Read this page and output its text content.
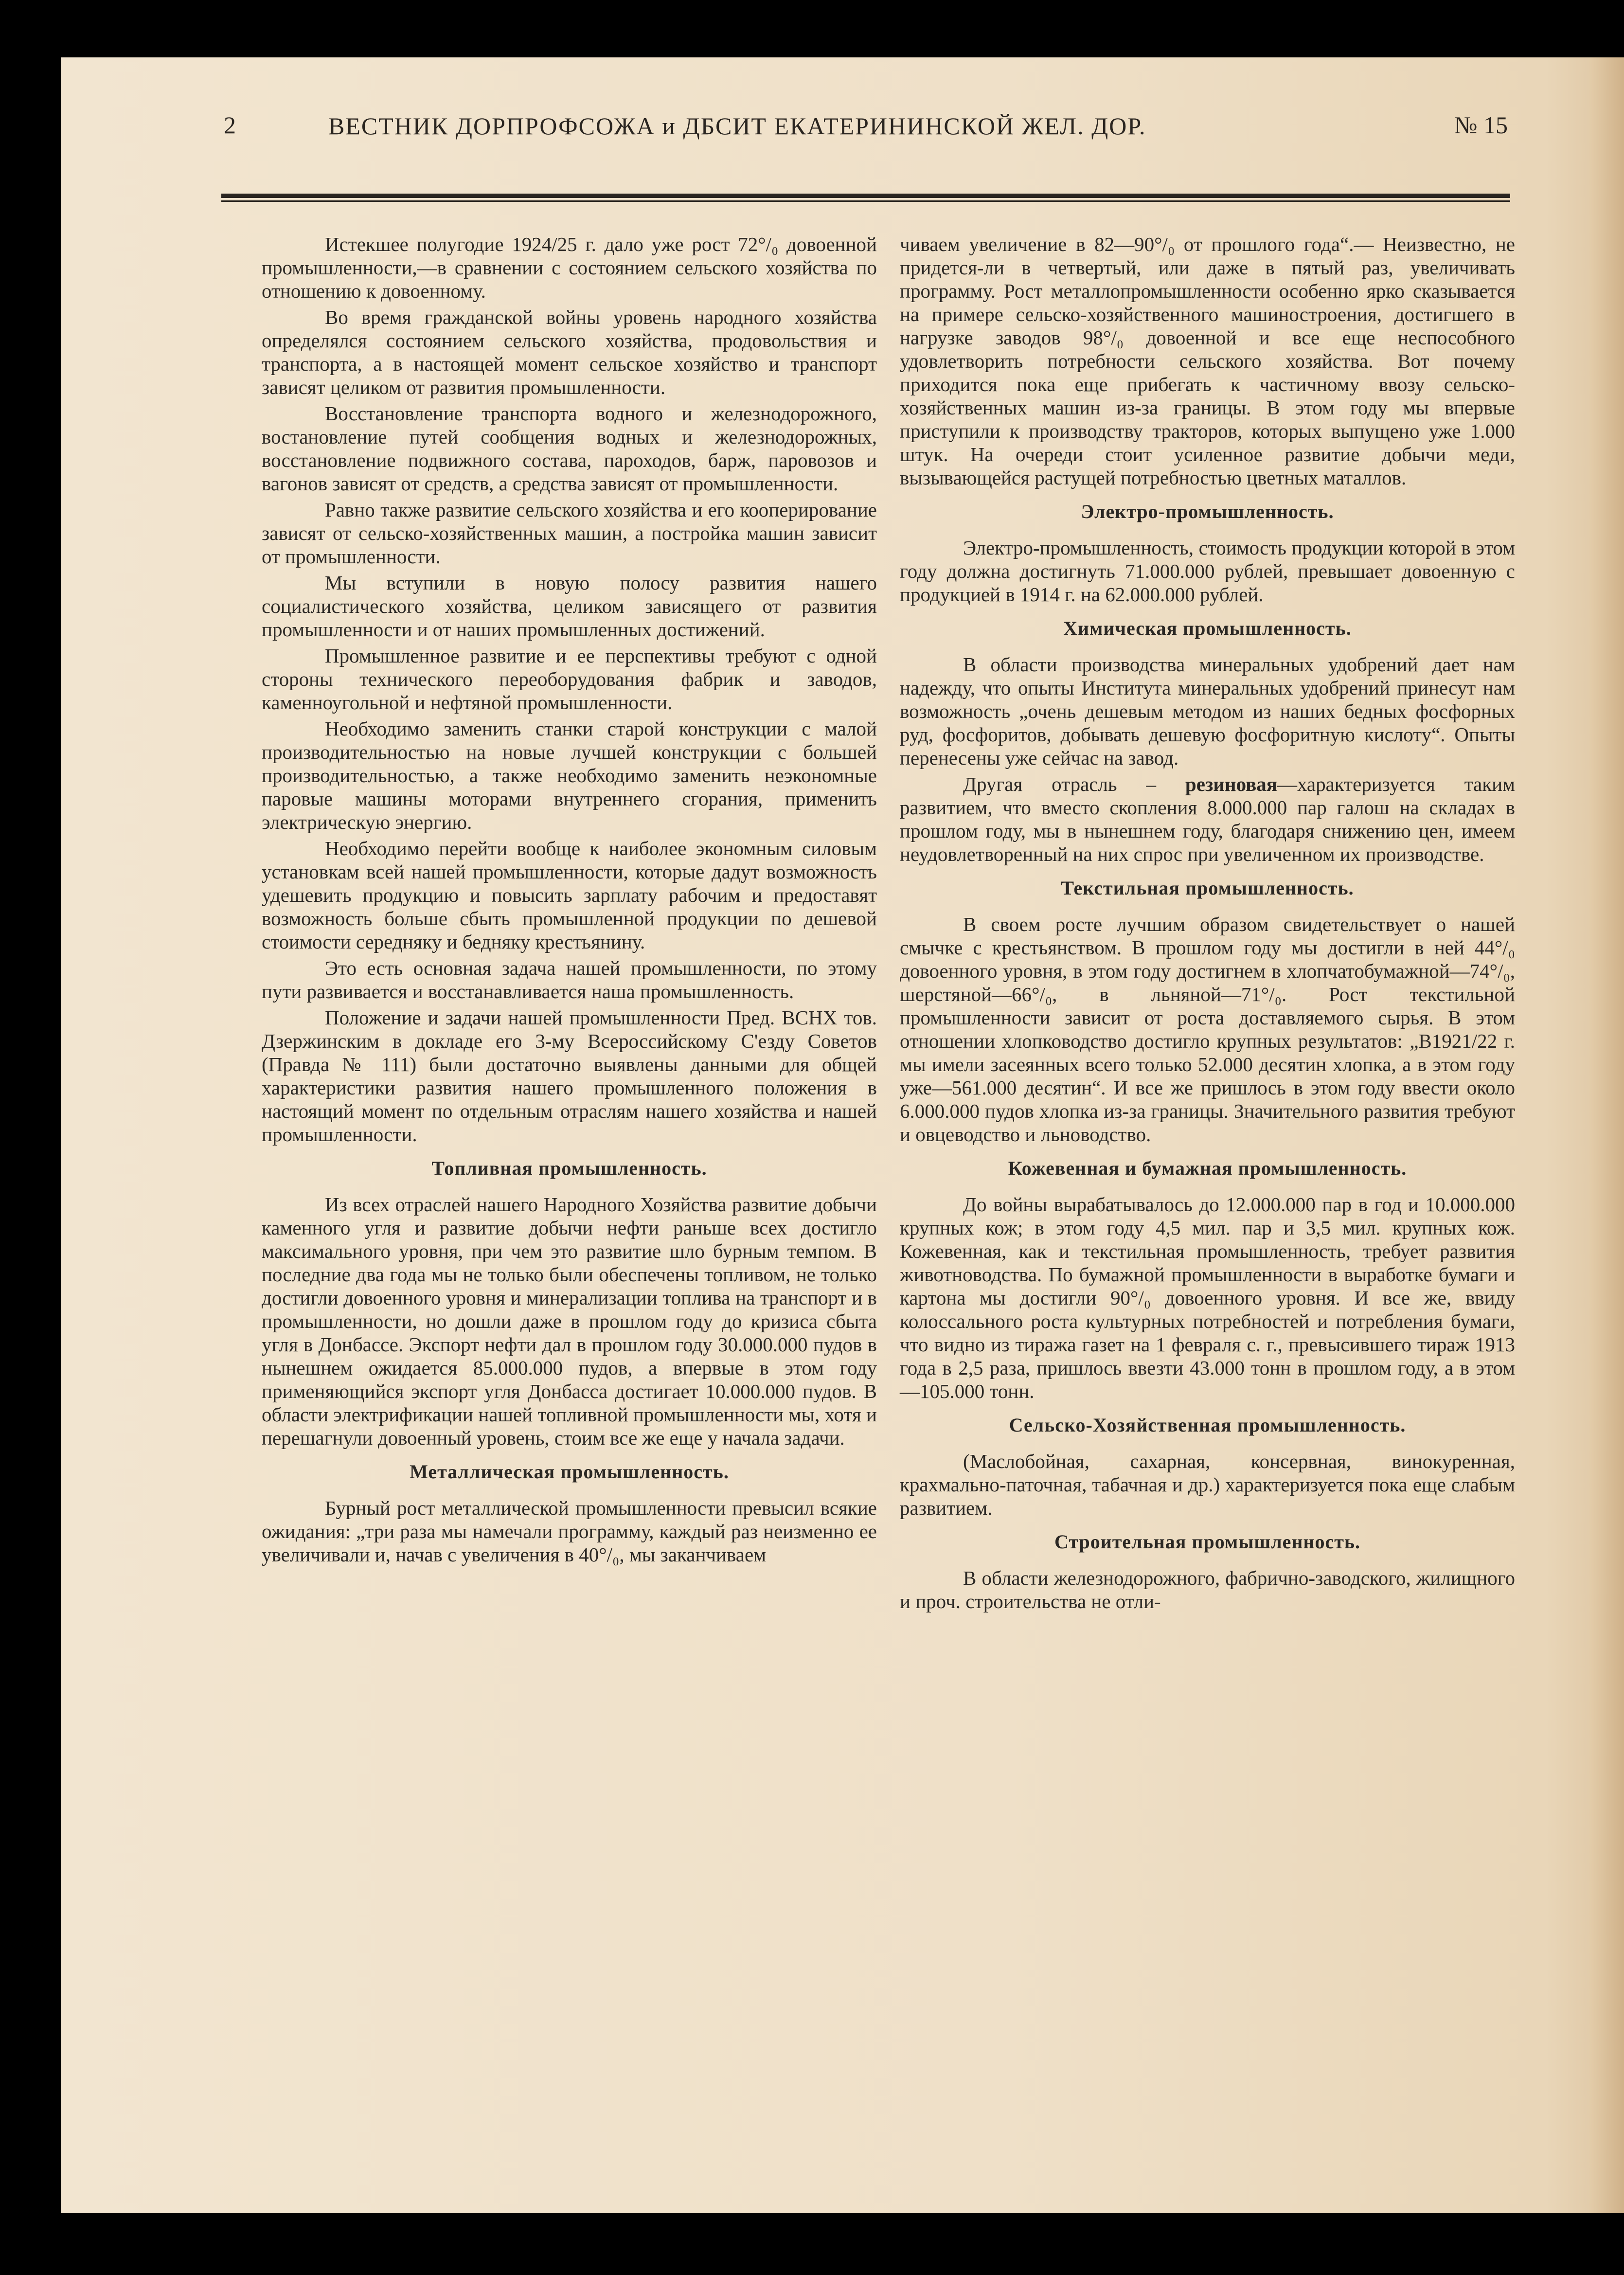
2	ВЕСТНИК ДОРПРОФСОЖА и ДБСИТ ЕКАТЕРИНИНСКОЙ ЖЕЛ. ДОР.	№ 15

Истекшее полугодие 1924/25 г. дало уже рост 72°/₀ довоенной промышленности,—в сравнении с состоянием сельского хозяйства по отношению к довоенному.

Во время гражданской войны уровень народного хозяйства определялся состоянием сельского хозяйства, продовольствия и транспорта, а в настоящей момент сельское хозяйство и транспорт зависят целиком от развития промышленности.

Восстановление транспорта водного и железнодорожного, востановление путей сообщения водных и железнодорожных, восстановление подвижного состава, пароходов, барж, паровозов и вагонов зависят от средств, а средства зависят от промышленности.

Равно также развитие сельского хозяйства и его кооперирование зависят от сельско-хозяйственных машин, а постройка машин зависит от промышленности.

Мы вступили в новую полосу развития нашего социалистического хозяйства, целиком зависящего от развития промышленности и от наших промышленных достижений.

Промышленное развитие и ее перспективы требуют с одной стороны технического переоборудования фабрик и заводов, каменноугольной и нефтяной промышленности.

Необходимо заменить станки старой конструкции с малой производительностью на новые лучшей конструкции с большей производительностью, а также необходимо заменить неэкономные паровые машины моторами внутреннего сгорания, применить электрическую энергию.

Необходимо перейти вообще к наиболее экономным силовым установкам всей нашей промышленности, которые дадут возможность удешевить продукцию и повысить зарплату рабочим и предоставят возможность больше сбыть промышленной продукции по дешевой стоимости середняку и бедняку крестьянину.

Это есть основная задача нашей промышленности, по этому пути развивается и восстанавливается наша промышленность.

Положение и задачи нашей промышленности Пред. ВСНХ тов. Дзержинским в докладе его 3-му Всероссийскому С'езду Советов (Правда № 111) были достаточно выявлены данными для общей характеристики развития нашего промышленного положения в настоящий момент по отдельным отраслям нашего хозяйства и нашей промышленности.

Топливная промышленность.

Из всех отраслей нашего Народного Хозяйства развитие добычи каменного угля и развитие добычи нефти раньше всех достигло максимального уровня, при чем это развитие шло бурным темпом. В последние два года мы не только были обеспечены топливом, не только достигли довоенного уровня и минерализации топлива на транспорт и в промышленности, но дошли даже в прошлом году до кризиса сбыта угля в Донбассе. Экспорт нефти дал в прошлом году 30.000.000 пудов в нынешнем ожидается 85.000.000 пудов, а впервые в этом году применяющийся экспорт угля Донбасса достигает 10.000.000 пудов. В области электрификации нашей топливной промышленности мы, хотя и перешагнули довоенный уровень, стоим все же еще у начала задачи.

Металлическая промышленность.

Бурный рост металлической промышленности превысил всякие ожидания: „три раза мы намечали программу, каждый раз неизменно ее увеличивали и, начав с увеличения в 40°/₀, мы заканчиваем

чиваем увеличение в 82—90°/₀ от прошлого года“.— Неизвестно, не придется-ли в четвертый, или даже в пятый раз, увеличивать программу. Рост металлопромышленности особенно ярко сказывается на примере сельско-хозяйственного машиностроения, достигшего в нагрузке заводов 98°/₀ довоенной и все еще неспособного удовлетворить потребности сельского хозяйства. Вот почему приходится пока еще прибегать к частичному ввозу сельско-хозяйственных машин из-за границы. В этом году мы впервые приступили к производству тракторов, которых выпущено уже 1.000 штук. На очереди стоит усиленное развитие добычи меди, вызывающейся растущей потребностью цветных маталлов.

Электро-промышленность.

Электро-промышленность, стоимость продукции которой в этом году должна достигнуть 71.000.000 рублей, превышает довоенную с продукцией в 1914 г. на 62.000.000 рублей.

Химическая промышленность.

В области производства минеральных удобрений дает нам надежду, что опыты Института минеральных удобрений принесут нам возможность „очень дешевым методом из наших бедных фосфорных руд, фосфоритов, добывать дешевую фосфоритную кислоту“. Опыты перенесены уже сейчас на завод.

Другая отрасль – резиновая—характеризуется таким развитием, что вместо скопления 8.000.000 пар галош на складах в прошлом году, мы в нынешнем году, благодаря снижению цен, имеем неудовлетворенный на них спрос при увеличенном их производстве.

Текстильная промышленность.

В своем росте лучшим образом свидетельствует о нашей смычке с крестьянством. В прошлом году мы достигли в ней 44°/₀ довоенного уровня, в этом году достигнем в хлопчатобумажной—74°/₀, шерстяной—66°/₀, в льняной—71°/₀. Рост текстильной промышленности зависит от роста доставляемого сырья. В этом отношении хлопководство достигло крупных результатов: „В1921/22 г. мы имели засеянных всего только 52.000 десятин хлопка, а в этом году уже—561.000 десятин“. И все же пришлось в этом году ввести около 6.000.000 пудов хлопка из-за границы. Значительного развития требуют и овцеводство и льноводство.

Кожевенная и бумажная промышленность.

До войны вырабатывалось до 12.000.000 пар в год и 10.000.000 крупных кож; в этом году 4,5 мил. пар и 3,5 мил. крупных кож. Кожевенная, как и текстильная промышленность, требует развития животноводства. По бумажной промышленности в выработке бумаги и картона мы достигли 90°/₀ довоенного уровня. И все же, ввиду колоссального роста культурных потребностей и потребления бумаги, что видно из тиража газет на 1 февраля с. г., превысившего тираж 1913 года в 2,5 раза, пришлось ввезти 43.000 тонн в прошлом году, а в этом—105.000 тонн.

Сельско-Хозяйственная промышленность.

(Маслобойная, сахарная, консервная, винокуренная, крахмально-паточная, табачная и др.) характеризуется пока еще слабым развитием.

Строительная промышленность.

В области железнодорожного, фабрично-заводского, жилищного и проч. строительства не отли-
